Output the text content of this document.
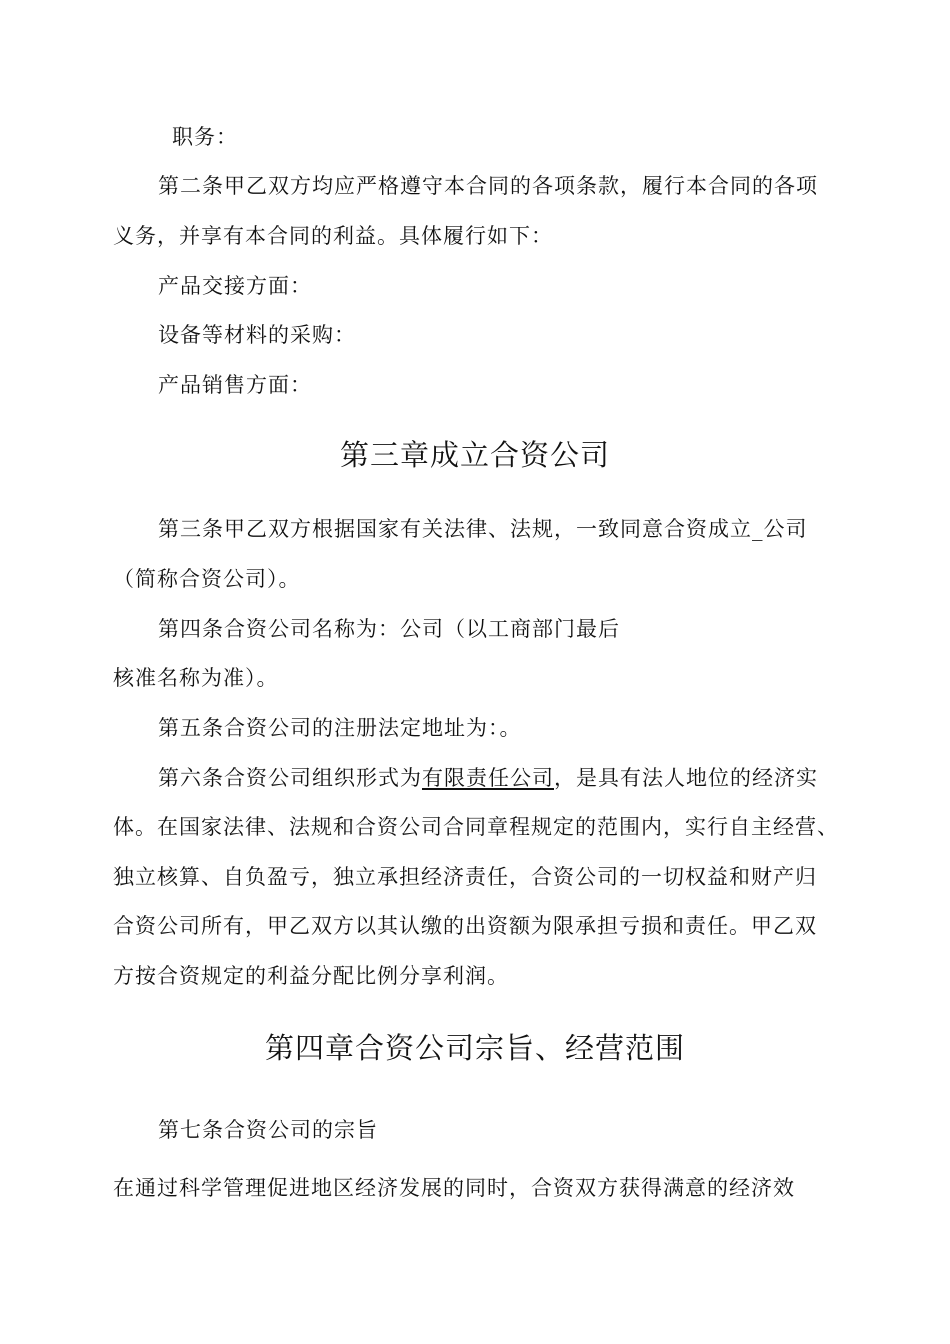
职务：
第二条甲乙双方均应严格遵守本合同的各项条款，履行本合同的各项
义务，并享有本合同的利益。具体履行如下：
产品交接方面：
设备等材料的采购：
产品销售方面：
第三章成立合资公司
第三条甲乙双方根据国家有关法律、法规，一致同意合资成立_公司
（简称合资公司）。
第四条合资公司名称为：公司（以工商部门最后
核准名称为准）。
第五条合资公司的注册法定地址为：。
第六条合资公司组织形式为有限责任公司，是具有法人地位的经济实
体。在国家法律、法规和合资公司合同章程规定的范围内，实行自主经营、
独立核算、自负盈亏，独立承担经济责任，合资公司的一切权益和财产归
合资公司所有，甲乙双方以其认缴的出资额为限承担亏损和责任。甲乙双
方按合资规定的利益分配比例分享利润。
第四章合资公司宗旨、经营范围
第七条合资公司的宗旨
在通过科学管理促进地区经济发展的同时，合资双方获得满意的经济效
